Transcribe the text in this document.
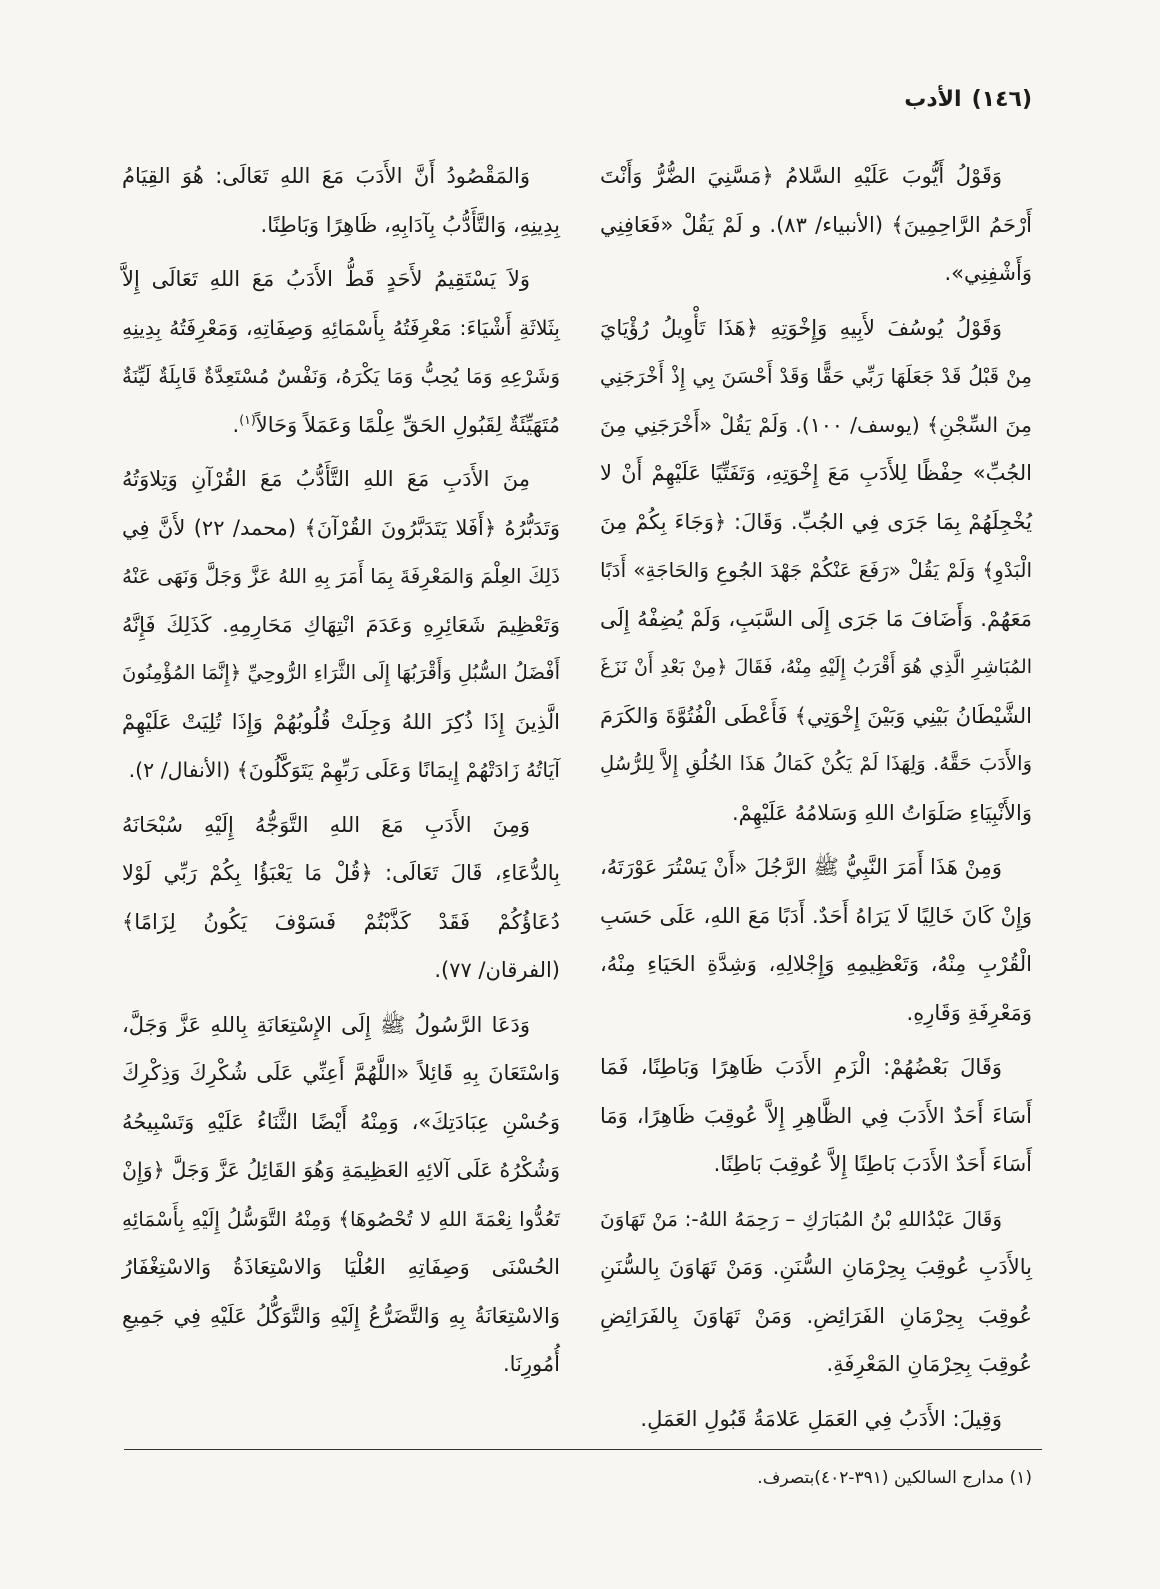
(١٤٦)الأدب
وَقَوْلُ أَيُّوبَ عَلَيْهِ السَّلامُ ﴿مَسَّنِيَ الضُّرُّ وَأَنْتَ
أَرْحَمُ الرَّاحِمِينَ﴾ (الأنبياء/ ٨٣). و لَمْ يَقُلْ «فَعَافِنِي
وَأَشْفِنِي».
وَقَوْلُ يُوسُفَ لأَبِيهِ وَإِخْوَتِهِ ﴿هَذَا تَأْوِيلُ رُؤْيَايَ
مِنْ قَبْلُ قَدْ جَعَلَهَا رَبِّي حَقًّا وَقَدْ أَحْسَنَ بِي إِذْ أَخْرَجَنِي
مِنَ السِّجْنِ﴾ (يوسف/ ١٠٠). وَلَمْ يَقُلْ «أَخْرَجَنِي مِنَ
الجُبِّ» حِفْظًا لِلأَدَبِ مَعَ إِخْوَتِهِ، وَتَفَتِّيًا عَلَيْهِمْ أَنْ لا
يُخْجِلَهُمْ بِمَا جَرَى فِي الجُبِّ. وَقَالَ: ﴿وَجَاءَ بِكُمْ مِنَ
الْبَدْوِ﴾ وَلَمْ يَقُلْ «رَفَعَ عَنْكُمْ جَهْدَ الجُوعِ وَالحَاجَةِ» أَدَبًا
مَعَهُمْ. وَأَضَافَ مَا جَرَى إِلَى السَّبَبِ، وَلَمْ يُضِفْهُ إِلَى
المُبَاشِرِ الَّذِي هُوَ أَقْرَبُ إِلَيْهِ مِنْهُ، فَقَالَ ﴿مِنْ بَعْدِ أَنْ نَزَغَ
الشَّيْطَانُ بَيْنِي وَبَيْنَ إِخْوَتِي﴾ فَأَعْطَى الْفُتُوَّةَ وَالكَرَمَ
وَالأَدَبَ حَقَّهُ. وَلِهَذَا لَمْ يَكُنْ كَمَالُ هَذَا الخُلُقِ إِلاَّ لِلرُّسُلِ
وَالأَنْبِيَاءِ صَلَوَاتُ اللهِ وَسَلامُهُ عَلَيْهِمْ.
وَمِنْ هَذَا أَمَرَ النَّبِيُّ ﷺ الرَّجُلَ «أَنْ يَسْتُرَ عَوْرَتَهُ،
وَإِنْ كَانَ خَالِيًا لَا يَرَاهُ أَحَدٌ. أَدَبًا مَعَ اللهِ، عَلَى حَسَبِ
الْقُرْبِ مِنْهُ، وَتَعْظِيمِهِ وَإِجْلالِهِ، وَشِدَّةِ الحَيَاءِ مِنْهُ،
وَمَعْرِفَةِ وَقَارِهِ.
وَقَالَ بَعْضُهُمْ: الْزَمِ الأَدَبَ ظَاهِرًا وَبَاطِنًا، فَمَا
أَسَاءَ أَحَدٌ الأَدَبَ فِي الظَّاهِرِ إِلاَّ عُوقِبَ ظَاهِرًا، وَمَا
أَسَاءَ أَحَدٌ الأَدَبَ بَاطِنًا إِلاَّ عُوقِبَ بَاطِنًا.
وَقَالَ عَبْدُاللهِ بْنُ المُبَارَكِ – رَحِمَهُ اللهُ-: مَنْ تَهَاوَنَ
بِالأَدَبِ عُوقِبَ بِحِرْمَانِ السُّنَنِ. وَمَنْ تَهَاوَنَ بِالسُّنَنِ
عُوقِبَ بِحِرْمَانِ الفَرَائِضِ. وَمَنْ تَهَاوَنَ بِالفَرَائِضِ
عُوقِبَ بِحِرْمَانِ المَعْرِفَةِ.
وَقِيلَ: الأَدَبُ فِي العَمَلِ عَلامَةُ قَبُولِ العَمَلِ.
وَالمَقْصُودُ أَنَّ الأَدَبَ مَعَ اللهِ تَعَالَى: هُوَ القِيَامُ
بِدِينِهِ، وَالتَّأَدُّبُ بِآدَابِهِ، ظَاهِرًا وَبَاطِنًا.
وَلاَ يَسْتَقِيمُ لأَحَدٍ قَطُّ الأَدَبُ مَعَ اللهِ تَعَالَى إِلاَّ
بِثَلاثَةِ أَشْيَاءَ: مَعْرِفَتُهُ بِأَسْمَائِهِ وَصِفَاتِهِ، وَمَعْرِفَتُهُ بِدِينِهِ
وَشَرْعِهِ وَمَا يُحِبُّ وَمَا يَكْرَهُ، وَنَفْسٌ مُسْتَعِدَّةٌ قَابِلَةٌ لَيِّنَةٌ
مُتَهَيِّئَةٌ لِقَبُولِ الحَقِّ عِلْمًا وَعَمَلاً وَحَالاً$^{(١)}$.
مِنَ الأَدَبِ مَعَ اللهِ التَّأَدُّبُ مَعَ القُرْآنِ وَتِلاوَتُهُ
وَتَدَبُّرُهُ ﴿أَفَلا يَتَدَبَّرُونَ القُرْآنَ﴾ (محمد/ ٢٢) لأَنَّ فِي
ذَلِكَ العِلْمَ وَالمَعْرِفَةَ بِمَا أَمَرَ بِهِ اللهُ عَزَّ وَجَلَّ وَنَهَى عَنْهُ
وَتَعْظِيمَ شَعَائِرِهِ وَعَدَمَ انْتِهَاكِ مَحَارِمِهِ. كَذَلِكَ فَإِنَّهُ
أَفْضَلُ السُّبُلِ وَأَقْرَبُهَا إِلَى الثَّرَاءِ الرُّوحِيِّ ﴿إِنَّمَا المُؤْمِنُونَ
الَّذِينَ إِذَا ذُكِرَ اللهُ وَجِلَتْ قُلُوبُهُمْ وَإِذَا تُلِيَتْ عَلَيْهِمْ
آيَاتُهُ زَادَتْهُمْ إِيمَانًا وَعَلَى رَبِّهِمْ يَتَوَكَّلُونَ﴾ (الأنفال/ ٢).
وَمِنَ الأَدَبِ مَعَ اللهِ التَّوَجُّهُ إِلَيْهِ سُبْحَانَهُ
بِالدُّعَاءِ، قَالَ تَعَالَى: ﴿قُلْ مَا يَعْبَؤُا بِكُمْ رَبِّي لَوْلا
دُعَاؤُكُمْ فَقَدْ كَذَّبْتُمْ فَسَوْفَ يَكُونُ لِزَامًا﴾
(الفرقان/ ٧٧).
وَدَعَا الرَّسُولُ ﷺ إِلَى الإِسْتِعَانَةِ بِاللهِ عَزَّ وَجَلَّ،
وَاسْتَعَانَ بِهِ قَائِلاً «اللَّهُمَّ أَعِنِّي عَلَى شُكْرِكَ وَذِكْرِكَ
وَحُسْنِ عِبَادَتِكَ»، وَمِنْهُ أَيْضًا الثَّنَاءُ عَلَيْهِ وَتَسْبِيحُهُ
وَشُكْرُهُ عَلَى آلائِهِ العَظِيمَةِ وَهُوَ القَائِلُ عَزَّ وَجَلَّ ﴿وَإِنْ
تَعُدُّوا نِعْمَةَ اللهِ لا تُحْصُوهَا﴾ وَمِنْهُ التَّوَسُّلُ إِلَيْهِ بِأَسْمَائِهِ
الحُسْنَى وَصِفَاتِهِ العُلْيَا وَالاسْتِعَاذَةُ وَالاسْتِغْفَارُ
وَالاسْتِعَانَةُ بِهِ وَالتَّضَرُّعُ إِلَيْهِ وَالتَّوَكُّلُ عَلَيْهِ فِي جَمِيعِ
أُمُورِنَا.
(١) مدارج السالكين (٣٩١-٤٠٢)بتصرف.
